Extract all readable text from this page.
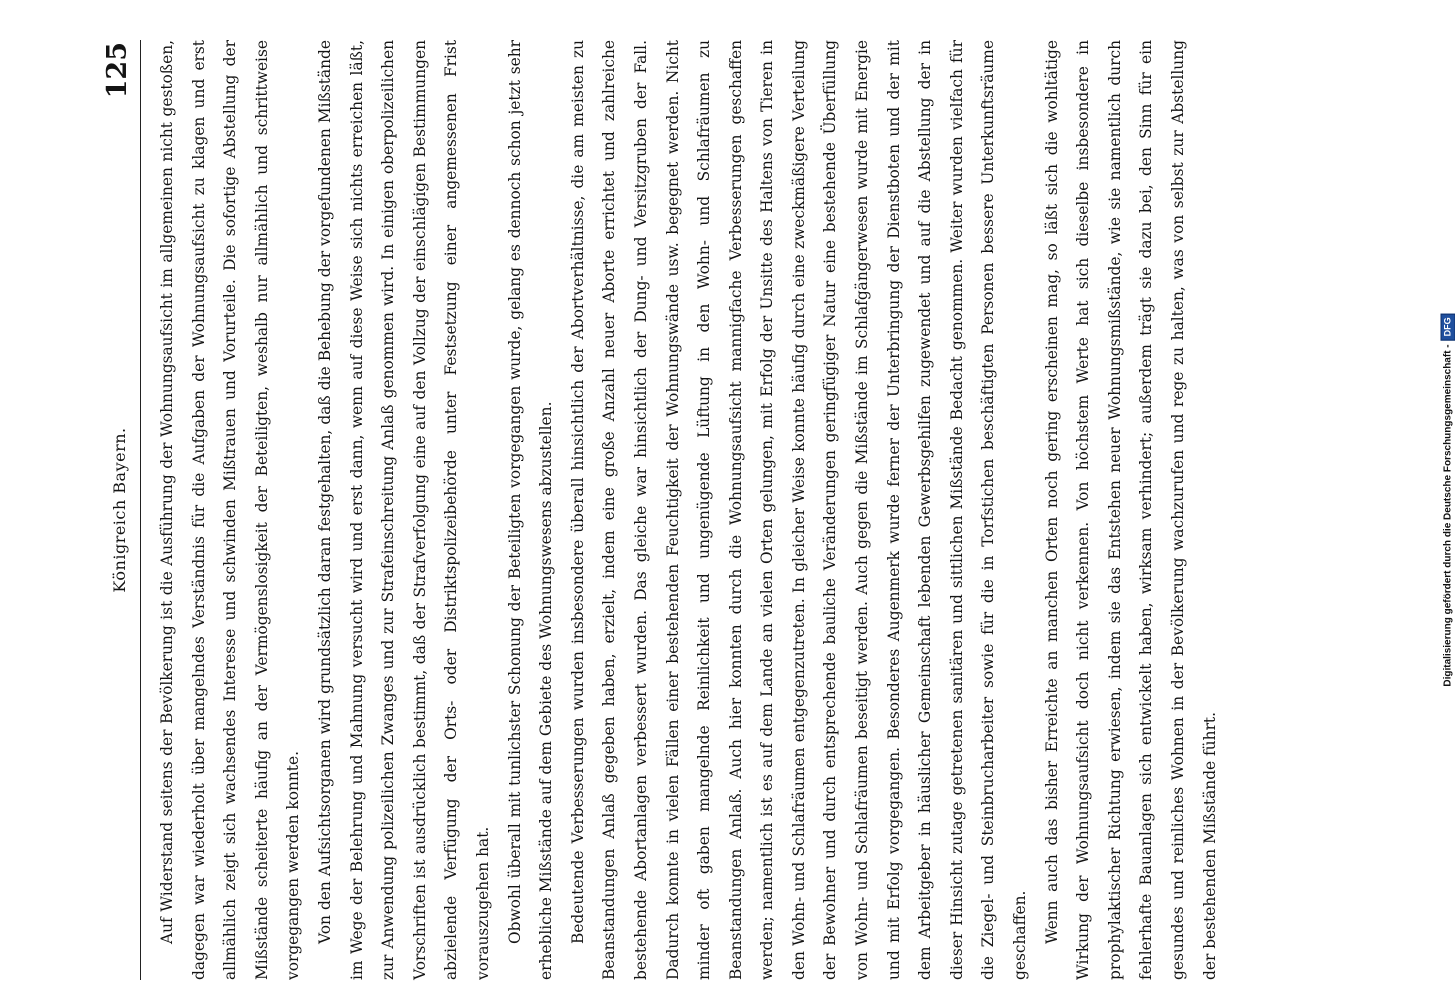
Königreich Bayern.
125	Auf Widerstand seitens der Bevölkerung ist die Ausführung der Wohnungsaufsicht im allgemeinen nicht gestoßen, dagegen war wiederholt über mangelndes Verständnis für die Aufgaben der Wohnungsaufsicht zu klagen und erst allmählich zeigt sich wachsendes Interesse und schwinden Mißtrauen und Vorurteile. Die sofortige Abstellung der Mißstände scheiterte häufig an der Vermögenslosigkeit der Beteiligten, weshalb nur allmählich und schrittweise vorgegangen werden konnte. Von den Aufsichtsorganen wird grundsätzlich daran festgehalten, daß die Behebung der vorgefundenen Mißstände im Wege der Belehrung und Mahnung versucht wird und erst dann, wenn auf diese Weise sich nichts erreichen läßt, zur Anwendung polizeilichen Zwanges und zur Strafeinschreitung Anlaß genommen wird. In einigen oberpolizeilichen Vorschriften ist ausdrücklich bestimmt, daß der Strafverfolgung eine auf den Vollzug der einschlägigen Bestimmungen abzielende Verfügung der Orts- oder Distriktspolizeibehörde unter Festsetzung einer angemessenen Frist vorauszugehen hat. Obwohl überall mit tunlichster Schonung der Beteiligten vorgegangen wurde, gelang es dennoch schon jetzt sehr erhebliche Mißstände auf dem Gebiete des Wohnungswesens abzustellen. Bedeutende Verbesserungen wurden insbesondere überall hinsichtlich der Abortverhältnisse, die am meisten zu Beanstandungen Anlaß gegeben haben, erzielt, indem eine große Anzahl neuer Aborte errichtet und zahlreiche bestehende Abortanlagen verbessert wurden. Das gleiche war hinsichtlich der Dung- und Versitzgruben der Fall. Dadurch konnte in vielen Fällen einer bestehenden Feuchtigkeit der Wohnungswände usw. begegnet werden. Nicht minder oft gaben mangelnde Reinlichkeit und ungenügende Lüftung in den Wohn- und Schlafräumen zu Beanstandungen Anlaß. Auch hier konnten durch die Wohnungsaufsicht mannigfache Verbesserungen geschaffen werden; namentlich ist es auf dem Lande an vielen Orten gelungen, mit Erfolg der Unsitte des Haltens von Tieren in den Wohn- und Schlafräumen entgegenzutreten. In gleicher Weise konnte häufig durch eine zweckmäßigere Verteilung der Bewohner und durch entsprechende bauliche Veränderungen geringfügiger Natur eine bestehende Überfüllung von Wohn- und Schlafräumen beseitigt werden. Auch gegen die Mißstände im Schlafgängerwesen wurde mit Energie und mit Erfolg vorgegangen. Besonderes Augenmerk wurde ferner der Unterbringung der Dienstboten und der mit dem Arbeitgeber in häuslicher Gemeinschaft lebenden Gewerbsgehilfen zugewendet und auf die Abstellung der in dieser Hinsicht zutage getretenen sanitären und sittlichen Mißstände Bedacht genommen. Weiter wurden vielfach für die Ziegel- und Steinbrucharbeiter sowie für die in Torfstichen beschäftigten Personen bessere Unterkunftsräume geschaffen. Wenn auch das bisher Erreichte an manchen Orten noch gering erscheinen mag, so läßt sich die wohltätige Wirkung der Wohnungsaufsicht doch nicht verkennen. Von höchstem Werte hat sich dieselbe insbesondere in prophylaktischer Richtung erwiesen, indem sie das Entstehen neuer Wohnungsmißstände, wie sie namentlich durch fehlerhafte Bauanlagen sich entwickelt haben, wirksam verhindert; außerdem trägt sie dazu bei, den Sinn für ein gesundes und reinliches Wohnen in der Bevölkerung wachzurufen und rege zu halten, was von selbst zur Abstellung der bestehenden Mißstände führt.

Digitalisierung gefördert durch die Deutsche Forschungsgemeinschaft -
DFG
